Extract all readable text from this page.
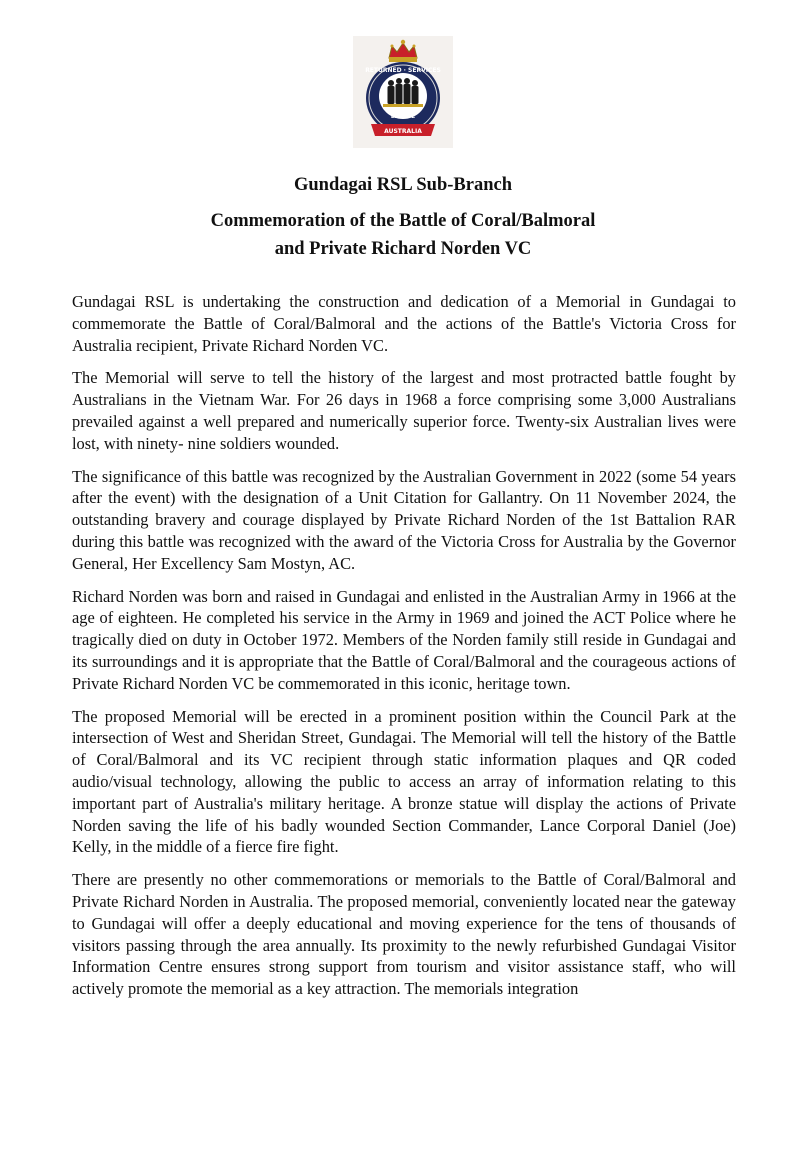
RETURNED · SERVICES
LEAGUE
AUSTRALIA
Gundagai RSL Sub-Branch
Commemoration of the Battle of Coral/Balmoral
and Private Richard Norden VC

Gundagai RSL is undertaking the construction and dedication of a Memorial in Gundagai to commemorate the Battle of Coral/Balmoral and the actions of the Battle's Victoria Cross for Australia recipient, Private Richard Norden VC.

The Memorial will serve to tell the history of the largest and most protracted battle fought by Australians in the Vietnam War. For 26 days in 1968 a force comprising some 3,000 Australians prevailed against a well prepared and numerically superior force. Twenty-six Australian lives were lost, with ninety- nine soldiers wounded.

The significance of this battle was recognized by the Australian Government in 2022 (some 54 years after the event) with the designation of a Unit Citation for Gallantry. On 11 November 2024, the outstanding bravery and courage displayed by Private Richard Norden of the 1st Battalion RAR during this battle was recognized with the award of the Victoria Cross for Australia by the Governor General, Her Excellency Sam Mostyn, AC.

Richard Norden was born and raised in Gundagai and enlisted in the Australian Army in 1966 at the age of eighteen. He completed his service in the Army in 1969 and joined the ACT Police where he tragically died on duty in October 1972. Members of the Norden family still reside in Gundagai and its surroundings and it is appropriate that the Battle of Coral/Balmoral and the courageous actions of Private Richard Norden VC be commemorated in this iconic, heritage town.

The proposed Memorial will be erected in a prominent position within the Council Park at the intersection of West and Sheridan Street, Gundagai. The Memorial will tell the history of the Battle of Coral/Balmoral and its VC recipient through static information plaques and QR coded audio/visual technology, allowing the public to access an array of information relating to this important part of Australia's military heritage. A bronze statue will display the actions of Private Norden saving the life of his badly wounded Section Commander, Lance Corporal Daniel (Joe) Kelly, in the middle of a fierce fire fight.

There are presently no other commemorations or memorials to the Battle of Coral/Balmoral and Private Richard Norden in Australia. The proposed memorial, conveniently located near the gateway to Gundagai will offer a deeply educational and moving experience for the tens of thousands of visitors passing through the area annually. Its proximity to the newly refurbished Gundagai Visitor Information Centre ensures strong support from tourism and visitor assistance staff, who will actively promote the memorial as a key attraction. The memorials integration
